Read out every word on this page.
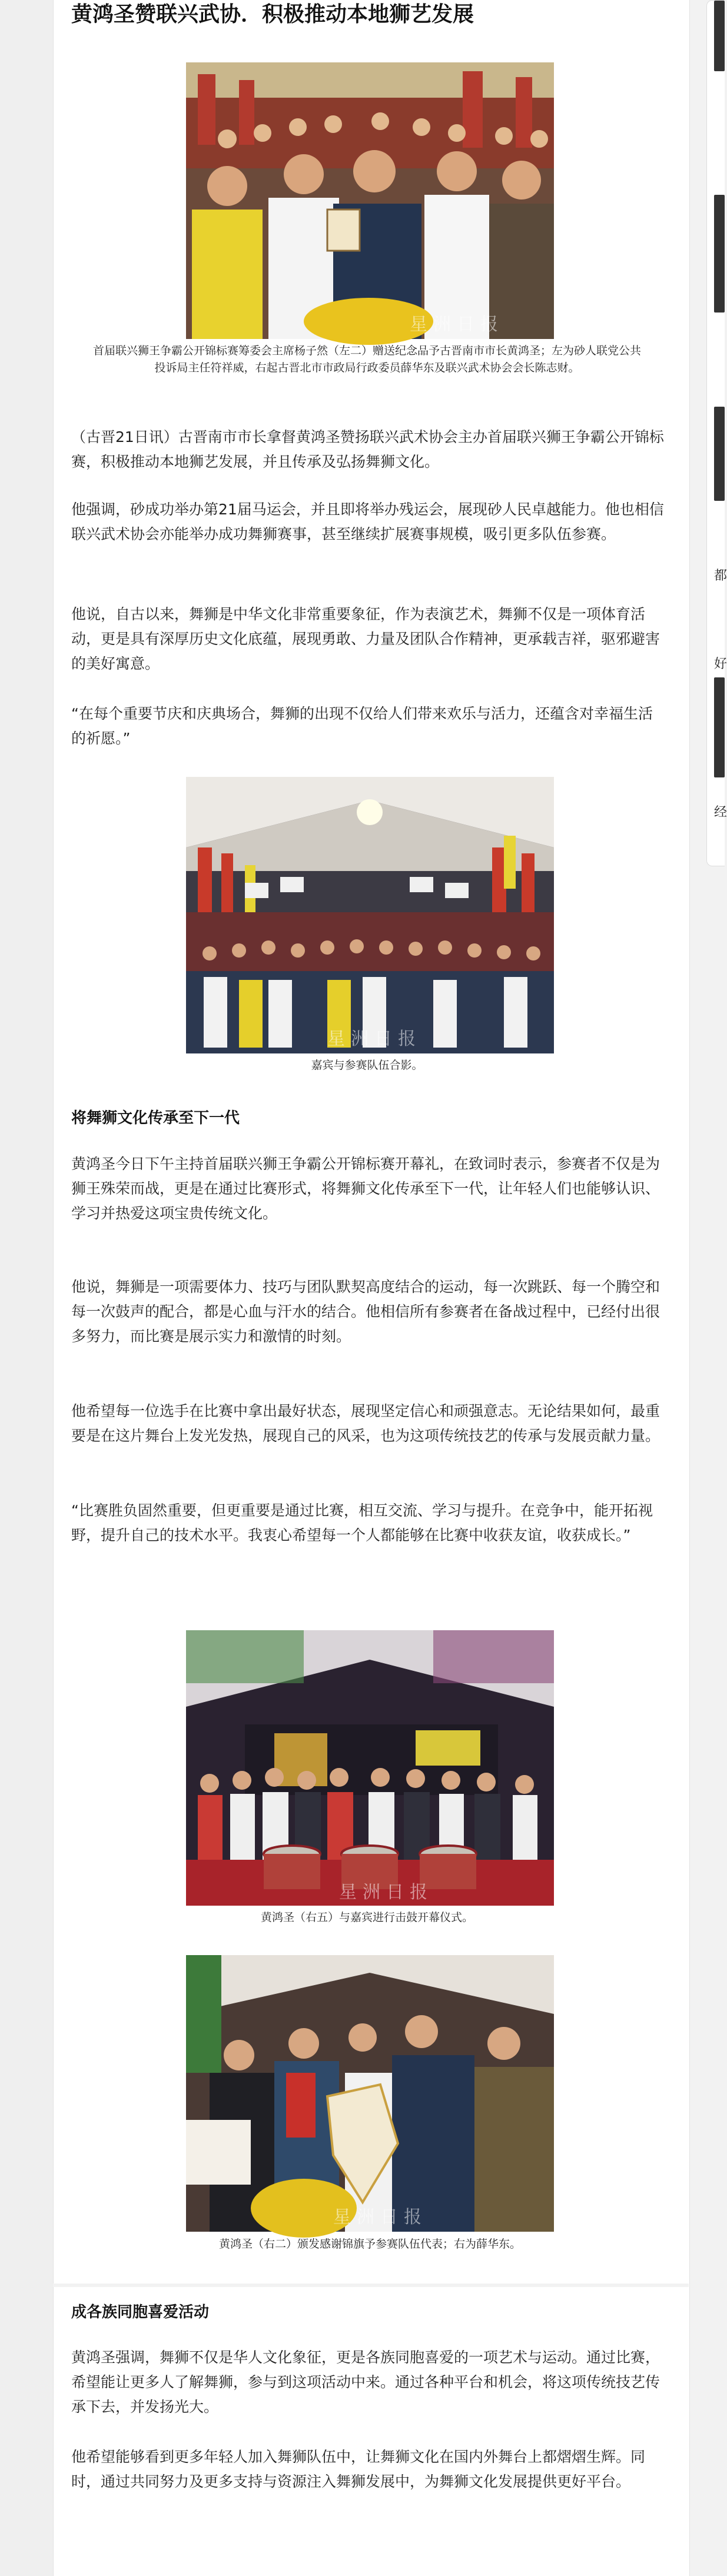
都
好
经
黄鸿圣赞联兴武协．积极推动本地狮艺发展
星洲日报
首届联兴狮王争霸公开锦标赛筹委会主席杨子然（左二）赠送纪念品予古晋南市市长黄鸿圣；左为砂人联党公共投诉局主任符祥威，右起古晋北市市政局行政委员薛华东及联兴武术协会会长陈志财。

（古晋21日讯）古晋南市市长拿督黄鸿圣赞扬联兴武术协会主办首届联兴狮王争霸公开锦标赛，积极推动本地狮艺发展，并且传承及弘扬舞狮文化。

他强调，砂成功举办第21届马运会，并且即将举办残运会，展现砂人民卓越能力。他也相信联兴武术协会亦能举办成功舞狮赛事，甚至继续扩展赛事规模，吸引更多队伍参赛。

他说，自古以来，舞狮是中华文化非常重要象征，作为表演艺术，舞狮不仅是一项体育活动，更是具有深厚历史文化底蕴，展现勇敢、力量及团队合作精神，更承载吉祥，驱邪避害的美好寓意。

“在每个重要节庆和庆典场合，舞狮的出现不仅给人们带来欢乐与活力，还蕴含对幸福生活的祈愿。”

星洲日报
嘉宾与参赛队伍合影。
将舞狮文化传承至下一代

黄鸿圣今日下午主持首届联兴狮王争霸公开锦标赛开幕礼，在致词时表示，参赛者不仅是为狮王殊荣而战，更是在通过比赛形式，将舞狮文化传承至下一代，让年轻人们也能够认识、学习并热爱这项宝贵传统文化。

他说，舞狮是一项需要体力、技巧与团队默契高度结合的运动，每一次跳跃、每一个腾空和每一次鼓声的配合，都是心血与汗水的结合。他相信所有参赛者在备战过程中，已经付出很多努力，而比赛是展示实力和激情的时刻。

他希望每一位选手在比赛中拿出最好状态，展现坚定信心和顽强意志。无论结果如何，最重要是在这片舞台上发光发热，展现自己的风采，也为这项传统技艺的传承与发展贡献力量。

“比赛胜负固然重要，但更重要是通过比赛，相互交流、学习与提升。在竞争中，能开拓视野，提升自己的技术水平。我衷心希望每一个人都能够在比赛中收获友谊，收获成长。”

星洲日报
黄鸿圣（右五）与嘉宾进行击鼓开幕仪式。
星洲日报
黄鸿圣（右二）颁发感谢锦旗予参赛队伍代表；右为薛华东。
成各族同胞喜爱活动

黄鸿圣强调，舞狮不仅是华人文化象征，更是各族同胞喜爱的一项艺术与运动。通过比赛，希望能让更多人了解舞狮，参与到这项活动中来。通过各种平台和机会，将这项传统技艺传承下去，并发扬光大。

他希望能够看到更多年轻人加入舞狮队伍中，让舞狮文化在国内外舞台上都熠熠生辉。同时，通过共同努力及更多支持与资源注入舞狮发展中，为舞狮文化发展提供更好平台。
